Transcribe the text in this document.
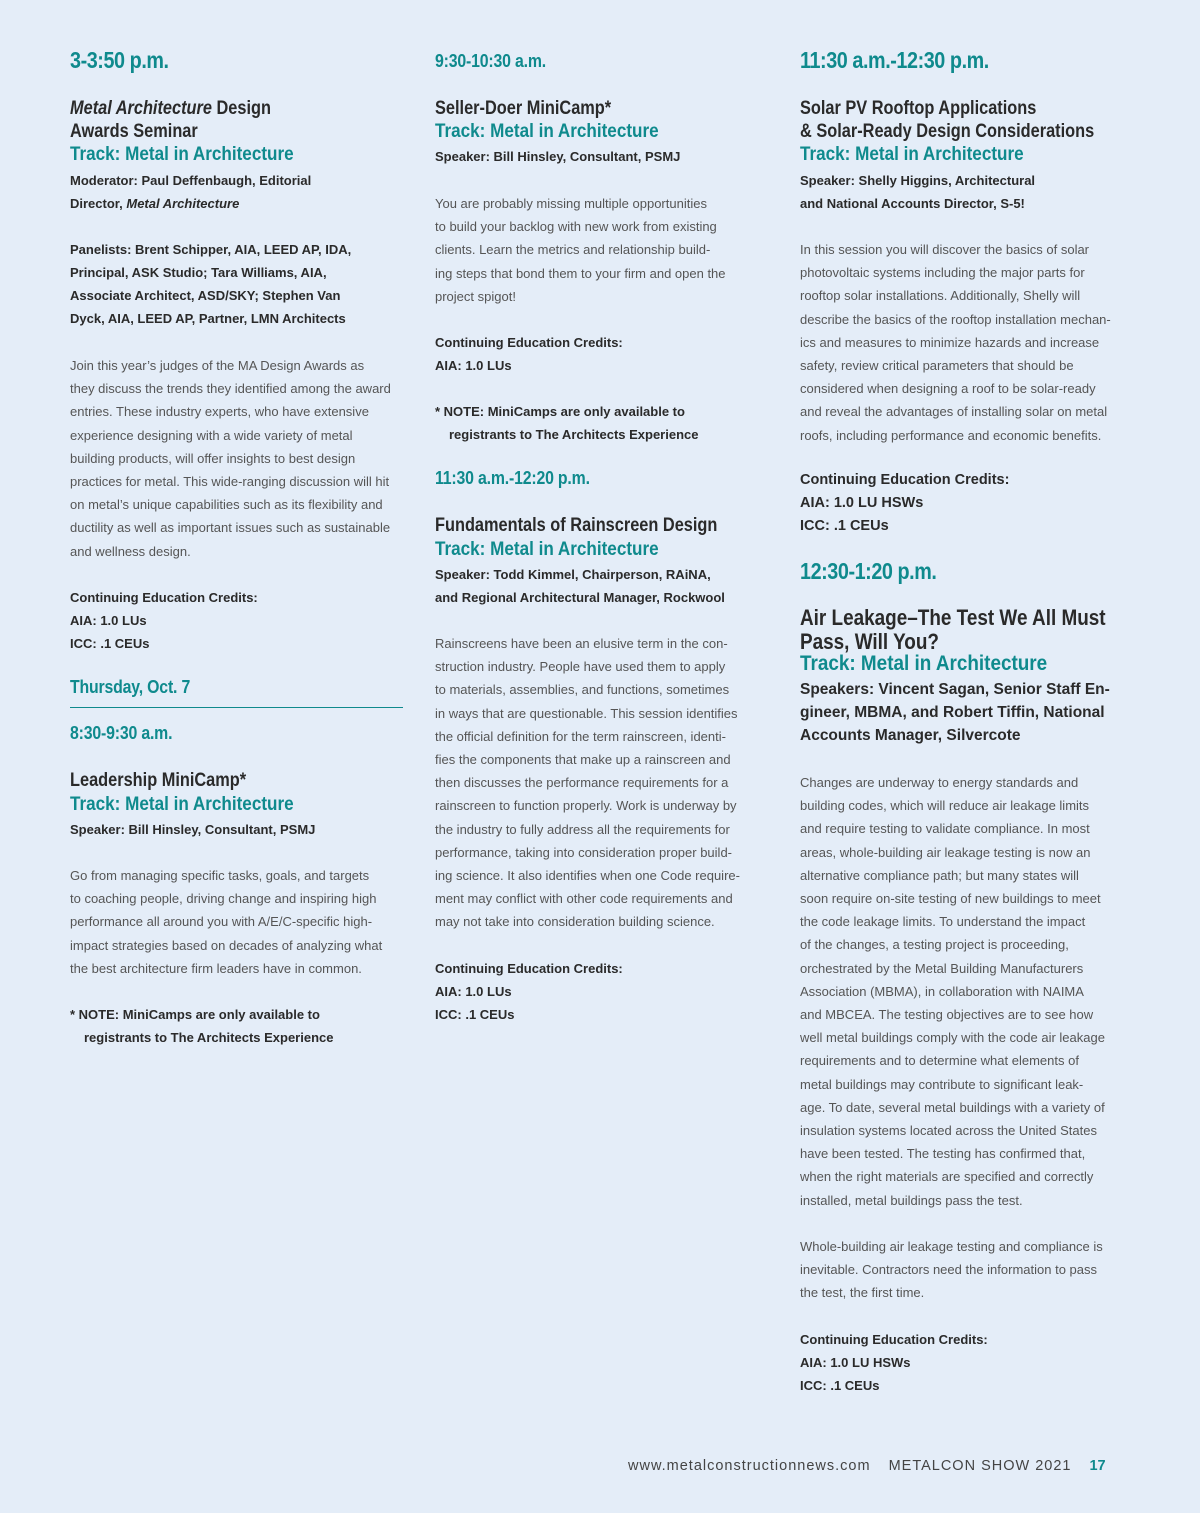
3-3:50 p.m.
Metal Architecture Design
Awards Seminar
Track: Metal in Architecture
Moderator: Paul Deffenbaugh, Editorial
Director, Metal Architecture
Panelists: Brent Schipper, AIA, LEED AP, IDA,
Principal, ASK Studio; Tara Williams, AIA,
Associate Architect, ASD/SKY; Stephen Van
Dyck, AIA, LEED AP, Partner, LMN Architects
Join this year’s judges of the MA Design Awards as
they discuss the trends they identified among the award
entries. These industry experts, who have extensive
experience designing with a wide variety of metal
building products, will offer insights to best design
practices for metal. This wide-ranging discussion will hit
on metal’s unique capabilities such as its flexibility and
ductility as well as important issues such as sustainable
and wellness design.
Continuing Education Credits:
AIA: 1.0 LUs
ICC: .1 CEUs
Thursday, Oct. 7
8:30-9:30 a.m.
Leadership MiniCamp*
Track: Metal in Architecture
Speaker: Bill Hinsley, Consultant, PSMJ
Go from managing specific tasks, goals, and targets
to coaching people, driving change and inspiring high
performance all around you with A/E/C-specific high-
impact strategies based on decades of analyzing what
the best architecture firm leaders have in common.
* NOTE: MiniCamps are only available to
registrants to The Architects Experience
9:30-10:30 a.m.
Seller-Doer MiniCamp*
Track: Metal in Architecture
Speaker: Bill Hinsley, Consultant, PSMJ
You are probably missing multiple opportunities
to build your backlog with new work from existing
clients. Learn the metrics and relationship build-
ing steps that bond them to your firm and open the
project spigot!
Continuing Education Credits:
AIA: 1.0 LUs
* NOTE: MiniCamps are only available to
registrants to The Architects Experience
11:30 a.m.-12:20 p.m.
Fundamentals of Rainscreen Design
Track: Metal in Architecture
Speaker: Todd Kimmel, Chairperson, RAiNA,
and Regional Architectural Manager, Rockwool
Rainscreens have been an elusive term in the con-
struction industry. People have used them to apply
to materials, assemblies, and functions, sometimes
in ways that are questionable. This session identifies
the official definition for the term rainscreen, identi-
fies the components that make up a rainscreen and
then discusses the performance requirements for a
rainscreen to function properly. Work is underway by
the industry to fully address all the requirements for
performance, taking into consideration proper build-
ing science. It also identifies when one Code require-
ment may conflict with other code requirements and
may not take into consideration building science.
Continuing Education Credits:
AIA: 1.0 LUs
ICC: .1 CEUs
11:30 a.m.-12:30 p.m.
Solar PV Rooftop Applications
& Solar-Ready Design Considerations
Track: Metal in Architecture
Speaker: Shelly Higgins, Architectural
and National Accounts Director, S-5!
In this session you will discover the basics of solar
photovoltaic systems including the major parts for
rooftop solar installations. Additionally, Shelly will
describe the basics of the rooftop installation mechan-
ics and measures to minimize hazards and increase
safety, review critical parameters that should be
considered when designing a roof to be solar-ready
and reveal the advantages of installing solar on metal
roofs, including performance and economic benefits.
Continuing Education Credits:
AIA: 1.0 LU HSWs
ICC: .1 CEUs
12:30-1:20 p.m.
Air Leakage–The Test We All Must
Pass, Will You?
Track: Metal in Architecture
Speakers: Vincent Sagan, Senior Staff En-
gineer, MBMA, and Robert Tiffin, National
Accounts Manager, Silvercote
Changes are underway to energy standards and
building codes, which will reduce air leakage limits
and require testing to validate compliance. In most
areas, whole-building air leakage testing is now an
alternative compliance path; but many states will
soon require on-site testing of new buildings to meet
the code leakage limits. To understand the impact
of the changes, a testing project is proceeding,
orchestrated by the Metal Building Manufacturers
Association (MBMA), in collaboration with NAIMA
and MBCEA. The testing objectives are to see how
well metal buildings comply with the code air leakage
requirements and to determine what elements of
metal buildings may contribute to significant leak-
age. To date, several metal buildings with a variety of
insulation systems located across the United States
have been tested. The testing has confirmed that,
when the right materials are specified and correctly
installed, metal buildings pass the test.
Whole-building air leakage testing and compliance is
inevitable. Contractors need the information to pass
the test, the first time.
Continuing Education Credits:
AIA: 1.0 LU HSWs
ICC: .1 CEUs
www.metalconstructionnews.com METALCON SHOW 2021 17
